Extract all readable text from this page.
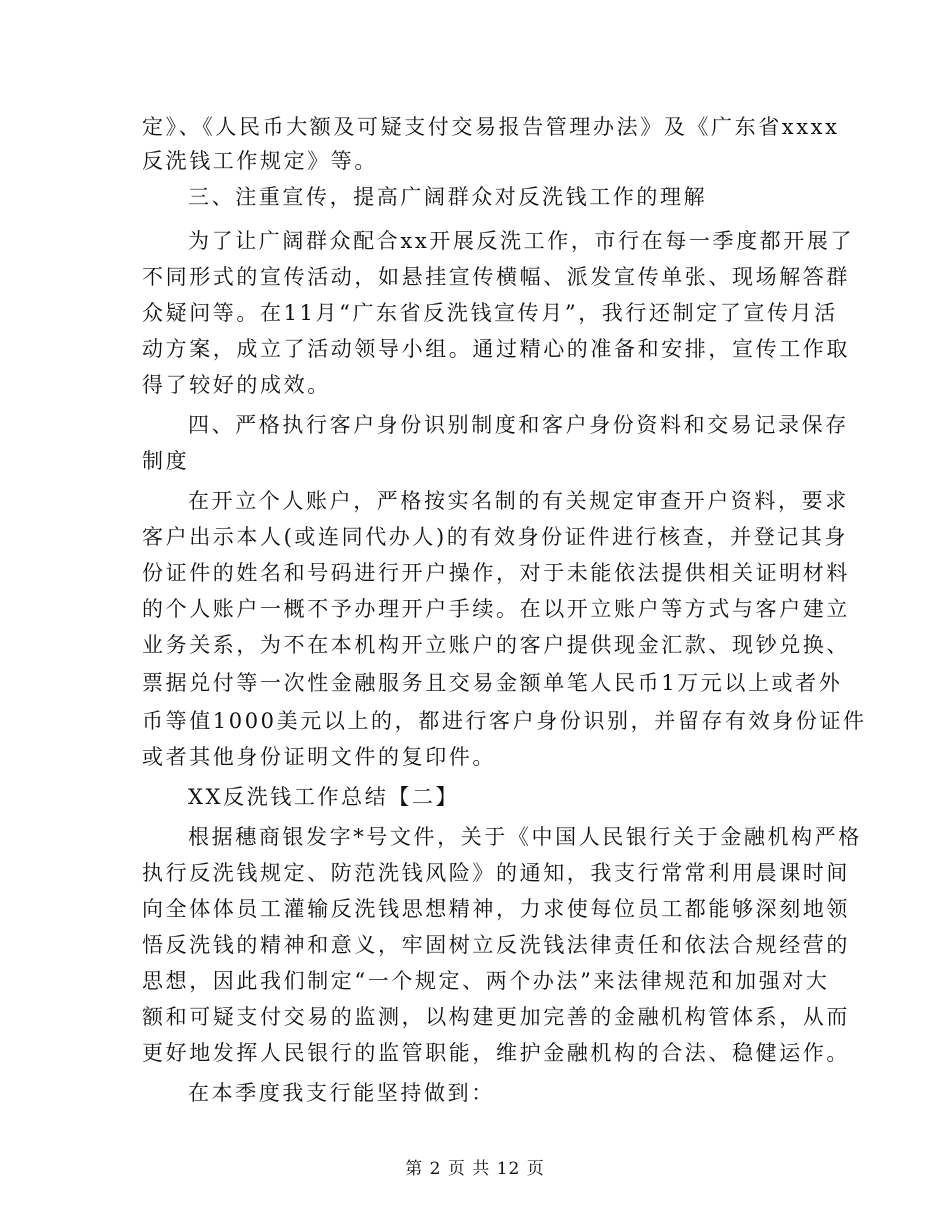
定》、《人民币大额及可疑支付交易报告管理办法》及《广东省xxxx
反洗钱工作规定》等。
三、注重宣传，提高广阔群众对反洗钱工作的理解
为了让广阔群众配合xx开展反洗工作，市行在每一季度都开展了
不同形式的宣传活动，如悬挂宣传横幅、派发宣传单张、现场解答群
众疑问等。在11月“广东省反洗钱宣传月”，我行还制定了宣传月活
动方案，成立了活动领导小组。通过精心的准备和安排，宣传工作取
得了较好的成效。
四、严格执行客户身份识别制度和客户身份资料和交易记录保存
制度
在开立个人账户，严格按实名制的有关规定审查开户资料，要求
客户出示本人(或连同代办人)的有效身份证件进行核查，并登记其身
份证件的姓名和号码进行开户操作，对于未能依法提供相关证明材料
的个人账户一概不予办理开户手续。在以开立账户等方式与客户建立
业务关系，为不在本机构开立账户的客户提供现金汇款、现钞兑换、
票据兑付等一次性金融服务且交易金额单笔人民币1万元以上或者外
币等值1000美元以上的，都进行客户身份识别，并留存有效身份证件
或者其他身份证明文件的复印件。
XX反洗钱工作总结【二】
根据穗商银发字*号文件，关于《中国人民银行关于金融机构严格
执行反洗钱规定、防范洗钱风险》的通知，我支行常常利用晨课时间
向全体体员工灌输反洗钱思想精神，力求使每位员工都能够深刻地领
悟反洗钱的精神和意义，牢固树立反洗钱法律责任和依法合规经营的
思想，因此我们制定“一个规定、两个办法”来法律规范和加强对大
额和可疑支付交易的监测，以构建更加完善的金融机构管体系，从而
更好地发挥人民银行的监管职能，维护金融机构的合法、稳健运作。
在本季度我支行能坚持做到：
第 2 页 共 12 页
